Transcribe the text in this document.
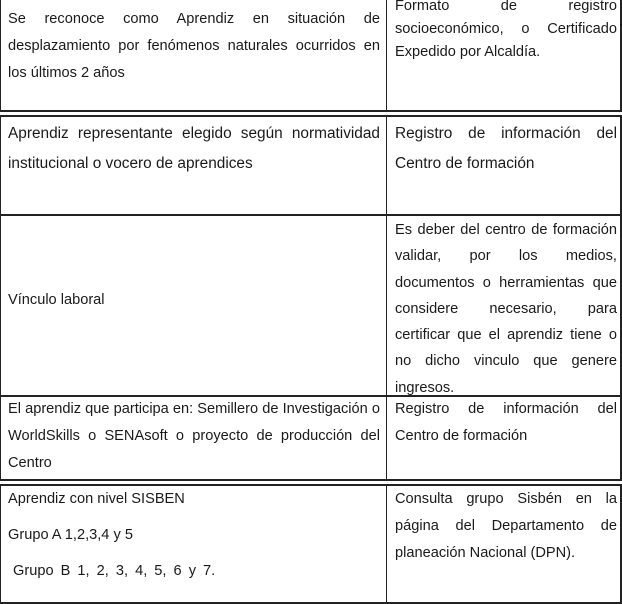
Se reconoce como Aprendiz en situación de desplazamiento por fenómenos naturales ocurridos en los últimos 2 años
Formato de registro socioeconómico, o Certificado Expedido por Alcaldía.
Aprendiz representante elegido según normatividad institucional o vocero de aprendices
Registro de información del Centro de formación
Vínculo laboral
Es deber del centro de formación validar, por los medios, documentos o herramientas que considere necesario, para certificar que el aprendiz tiene o no dicho vinculo que genere ingresos.
El aprendiz que participa en: Semillero de Investigación o WorldSkills o SENAsoft o proyecto de producción del Centro
Registro de información del Centro de formación
Aprendiz con nivel SISBEN
Grupo A 1,2,3,4 y 5
Grupo B 1, 2, 3, 4, 5, 6 y 7.
Consulta grupo Sisbén en la página del Departamento de planeación Nacional (DPN).
